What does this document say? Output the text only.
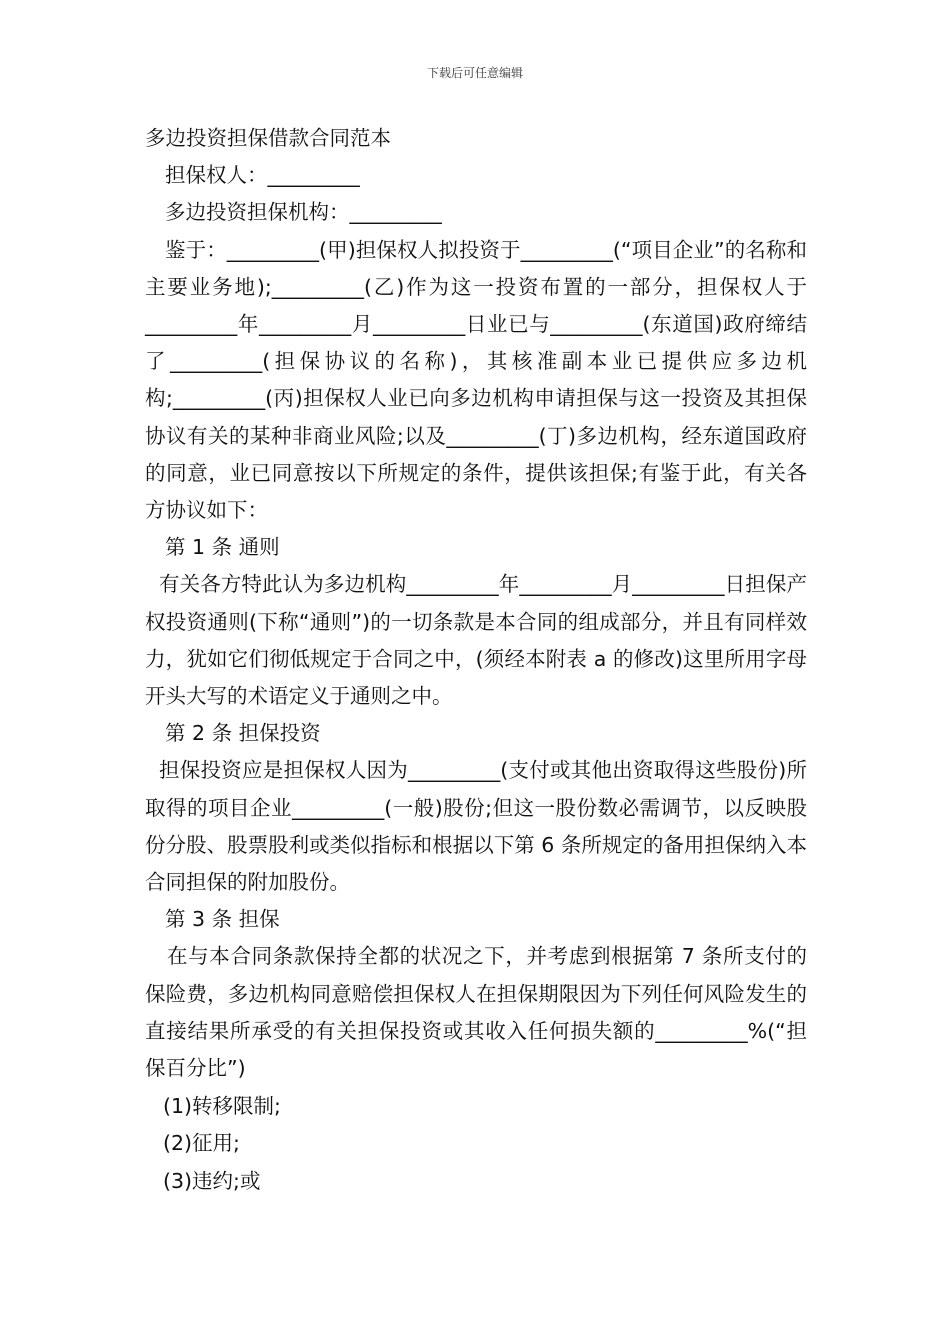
下载后可任意编辑

多边投资担保借款合同范本

担保权人：_________

多边投资担保机构：_________

鉴于：_________(甲)担保权人拟投资于_________(“项目企业”的名称和主要业务地);_________(乙)作为这一投资布置的一部分，担保权人于_________年_________月_________日业已与_________(东道国)政府缔结了_________(担保协议的名称)，其核准副本业已提供应多边机构;_________(丙)担保权人业已向多边机构申请担保与这一投资及其担保协议有关的某种非商业风险;以及_________(丁)多边机构，经东道国政府的同意，业已同意按以下所规定的条件，提供该担保;有鉴于此，有关各方协议如下：

第 1 条 通则

有关各方特此认为多边机构_________年_________月_________日担保产权投资通则(下称“通则”)的一切条款是本合同的组成部分，并且有同样效力，犹如它们彻低规定于合同之中，(须经本附表 a 的修改)这里所用字母开头大写的术语定义于通则之中。

第 2 条 担保投资

担保投资应是担保权人因为_________(支付或其他出资取得这些股份)所取得的项目企业_________(一般)股份;但这一股份数必需调节，以反映股份分股、股票股利或类似指标和根据以下第 6 条所规定的备用担保纳入本合同担保的附加股份。

第 3 条 担保

在与本合同条款保持全都的状况之下，并考虑到根据第 7 条所支付的保险费，多边机构同意赔偿担保权人在担保期限因为下列任何风险发生的直接结果所承受的有关担保投资或其收入任何损失额的_________%(“担保百分比”)

(1)转移限制;

(2)征用;

(3)违约;或
